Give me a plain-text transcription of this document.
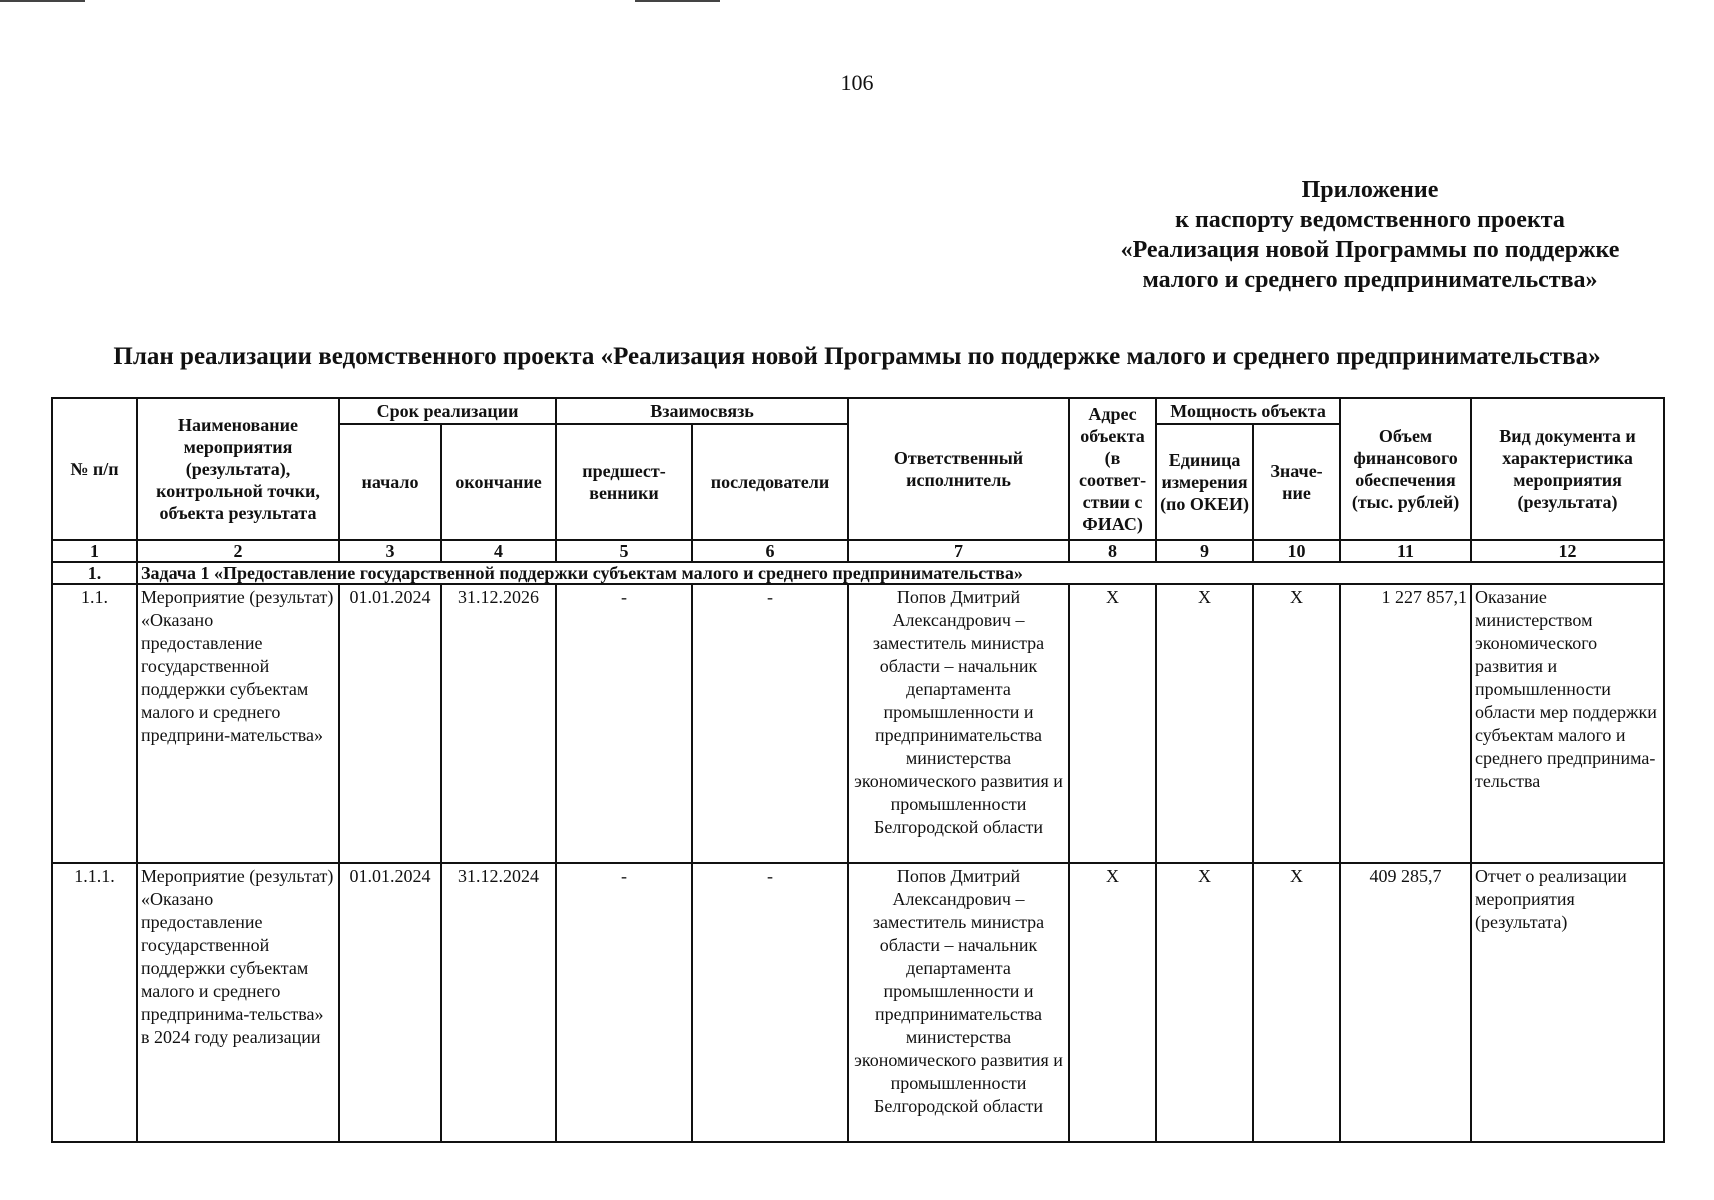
106
Приложение
к паспорту ведомственного проекта
«Реализация новой Программы по поддержке
малого и среднего предпринимательства»
План реализации ведомственного проекта «Реализация новой Программы по поддержке малого и среднего предпринимательства»
№ п/п	Наименование мероприятия (результата), контрольной точки, объекта результата	Срок реализации		Взаимосвязь		Ответственный исполнитель	Адрес объекта (в соответ-ствии с ФИАС)	Мощность объекта		Объем финансового обеспечения (тыс. рублей)	Вид документа и характеристика мероприятия (результата)
		начало	окончание	предшест-венники	последователи			Единица измерения (по ОКЕИ)	Значе-ние		
1	2	3	4	5	6	7	8	9	10	11	12
1.	Задача 1 «Предоставление государственной поддержки субъектам малого и среднего предпринимательства»										
1.1.	Мероприятие (результат) «Оказано предоставление государственной поддержки субъектам малого и среднего предприни-мательства»	01.01.2024	31.12.2026	-	-	Попов Дмитрий Александрович – заместитель министра области – начальник департамента промышленности и предпринимательства министерства экономического развития и промышленности Белгородской области	X	X	X	1 227 857,1	Оказание министерством экономического развития и промышленности области мер поддержки субъектам малого и среднего предпринима-тельства
1.1.1.	Мероприятие (результат) «Оказано предоставление государственной поддержки субъектам малого и среднего предпринима-тельства» в 2024 году реализации	01.01.2024	31.12.2024	-	-	Попов Дмитрий Александрович – заместитель министра области – начальник департамента промышленности и предпринимательства министерства экономического развития и промышленности Белгородской области	X	X	X	409 285,7	Отчет о реализации мероприятия (результата)
